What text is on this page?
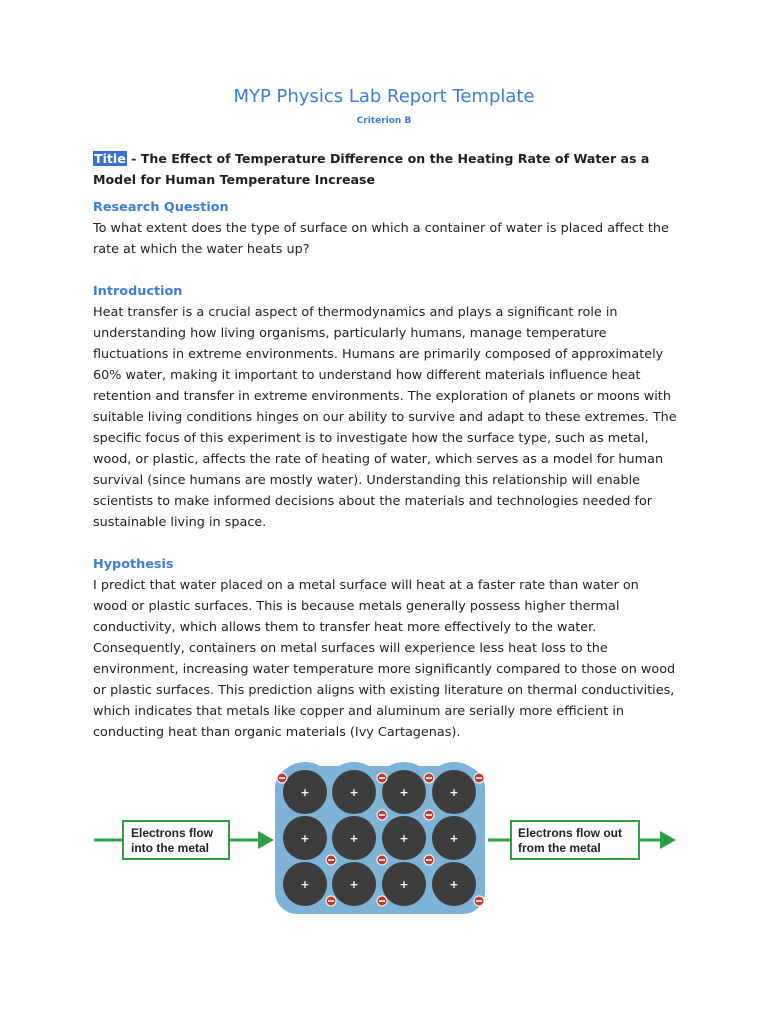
MYP Physics Lab Report Template
Criterion B

Title - The Effect of Temperature Difference on the Heating Rate of Water as a Model for Human Temperature Increase

Research Question

To what extent does the type of surface on which a container of water is placed affect the rate at which the water heats up?

Introduction

Heat transfer is a crucial aspect of thermodynamics and plays a significant role in understanding how living organisms, particularly humans, manage temperature fluctuations in extreme environments. Humans are primarily composed of approximately 60% water, making it important to understand how different materials influence heat retention and transfer in extreme environments. The exploration of planets or moons with suitable living conditions hinges on our ability to survive and adapt to these extremes. The specific focus of this experiment is to investigate how the surface type, such as metal, wood, or plastic, affects the rate of heating of water, which serves as a model for human survival (since humans are mostly water). Understanding this relationship will enable scientists to make informed decisions about the materials and technologies needed for sustainable living in space.

Hypothesis

I predict that water placed on a metal surface will heat at a faster rate than water on wood or plastic surfaces. This is because metals generally possess higher thermal conductivity, which allows them to transfer heat more effectively to the water. Consequently, containers on metal surfaces will experience less heat loss to the environment, increasing water temperature more significantly compared to those on wood or plastic surfaces. This prediction aligns with existing literature on thermal conductivities, which indicates that metals like copper and aluminum are serially more efficient in conducting heat than organic materials (Ivy Cartagenas).

+	+	+	+
+	+	+	+
+	+	+	+
Electrons flow
into the metal
Electrons flow out
from the metal
